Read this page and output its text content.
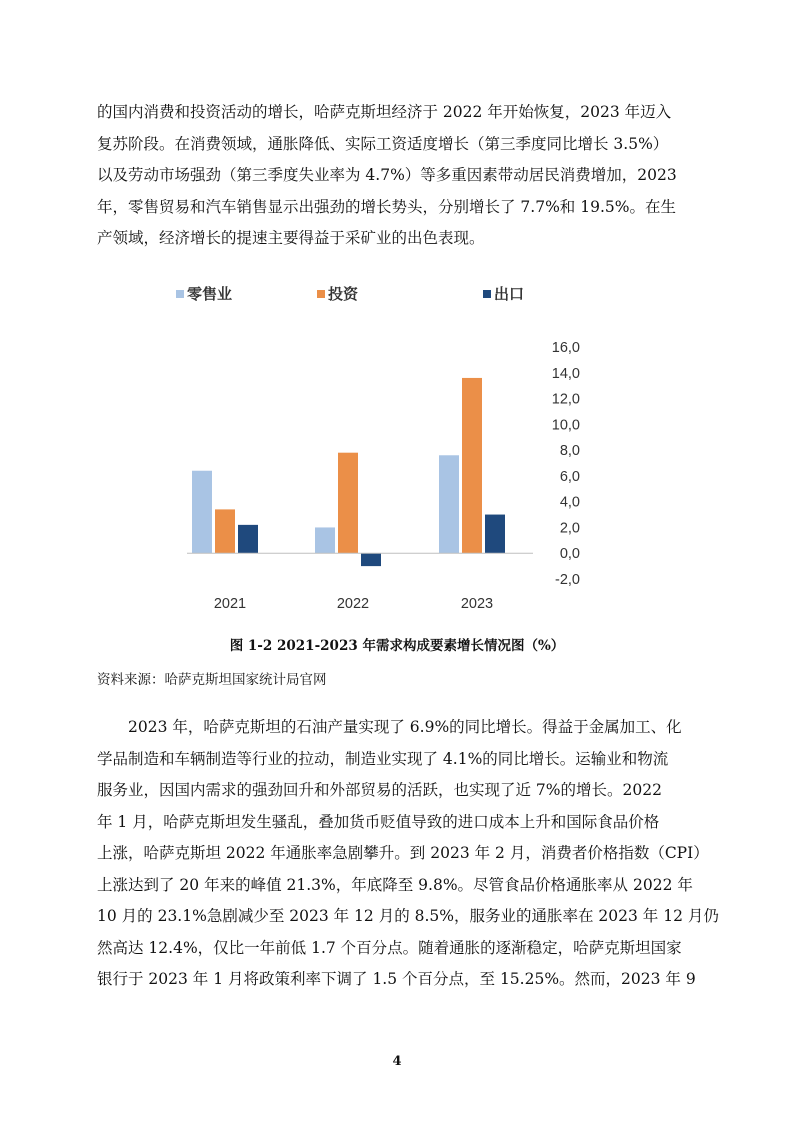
的国内消费和投资活动的增长，哈萨克斯坦经济于 2022 年开始恢复，2023 年迈入
复苏阶段。在消费领域，通胀降低、实际工资适度增长（第三季度同比增长 3.5%）
以及劳动市场强劲（第三季度失业率为 4.7%）等多重因素带动居民消费增加，2023
年，零售贸易和汽车销售显示出强劲的增长势头，分别增长了 7.7%和 19.5%。在生
产领域，经济增长的提速主要得益于采矿业的出色表现。
零售业	投资	出口
16,0
14,0
12,0
10,0
8,0
6,0
4,0
2,0
0,0
-2,0
2021	2022	2023
图 1-2 2021-2023 年需求构成要素增长情况图（%）
资料来源：哈萨克斯坦国家统计局官网
2023 年，哈萨克斯坦的石油产量实现了 6.9%的同比增长。得益于金属加工、化
学品制造和车辆制造等行业的拉动，制造业实现了 4.1%的同比增长。运输业和物流
服务业，因国内需求的强劲回升和外部贸易的活跃，也实现了近 7%的增长。2022
年 1 月，哈萨克斯坦发生骚乱，叠加货币贬值导致的进口成本上升和国际食品价格
上涨，哈萨克斯坦 2022 年通胀率急剧攀升。到 2023 年 2 月，消费者价格指数（CPI）
上涨达到了 20 年来的峰值 21.3%，年底降至 9.8%。尽管食品价格通胀率从 2022 年
10 月的 23.1%急剧减少至 2023 年 12 月的 8.5%，服务业的通胀率在 2023 年 12 月仍
然高达 12.4%，仅比一年前低 1.7 个百分点。随着通胀的逐渐稳定，哈萨克斯坦国家
银行于 2023 年 1 月将政策利率下调了 1.5 个百分点，至 15.25%。然而，2023 年 9
4
